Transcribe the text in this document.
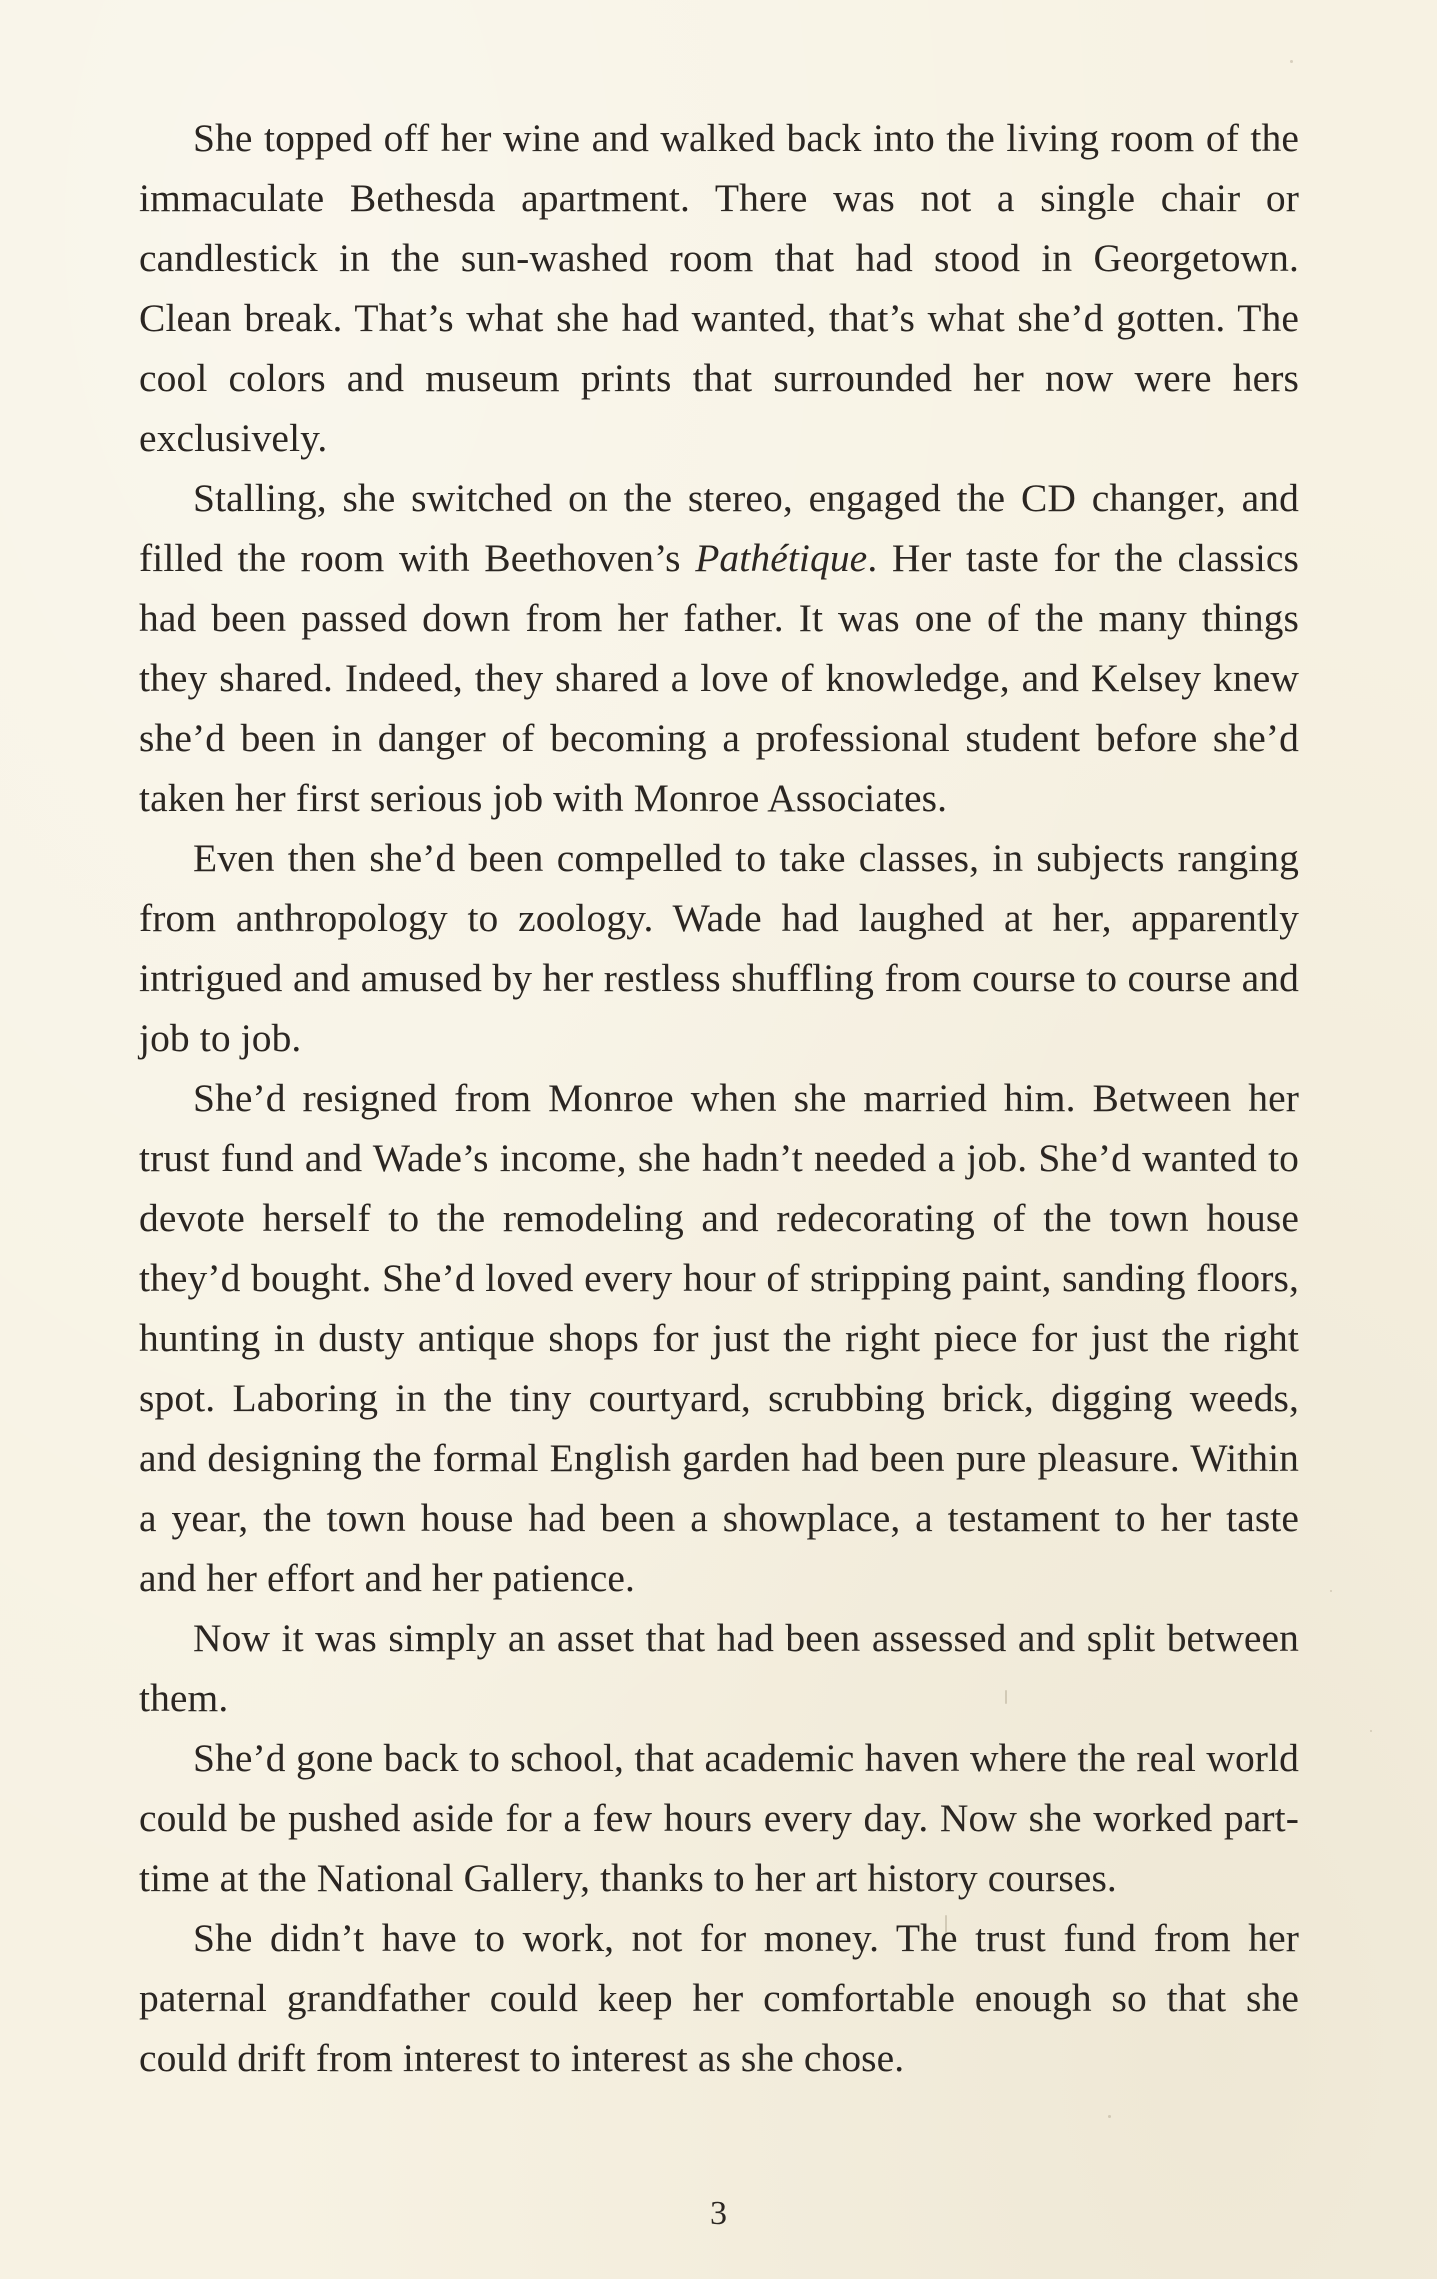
She topped off her wine and walked back into the living room of the immaculate Bethesda apartment. There was not a single chair or candlestick in the sun-washed room that had stood in Georgetown. Clean break. That’s what she had wanted, that’s what she’d gotten. The cool colors and museum prints that surrounded her now were hers exclusively.

Stalling, she switched on the stereo, engaged the CD changer, and filled the room with Beethoven’s Pathétique. Her taste for the classics had been passed down from her father. It was one of the many things they shared. Indeed, they shared a love of knowledge, and Kelsey knew she’d been in danger of becoming a professional student before she’d taken her first serious job with Monroe Associates.

Even then she’d been compelled to take classes, in subjects ranging from anthropology to zoology. Wade had laughed at her, apparently intrigued and amused by her restless shuffling from course to course and job to job.

She’d resigned from Monroe when she married him. Between her trust fund and Wade’s income, she hadn’t needed a job. She’d wanted to devote herself to the remodeling and redecorating of the town house they’d bought. She’d loved every hour of stripping paint, sanding floors, hunting in dusty antique shops for just the right piece for just the right spot. Laboring in the tiny courtyard, scrubbing brick, digging weeds, and designing the formal English garden had been pure pleasure. Within a year, the town house had been a showplace, a testament to her taste and her effort and her patience.

Now it was simply an asset that had been assessed and split between them.

She’d gone back to school, that academic haven where the real world could be pushed aside for a few hours every day. Now she worked part-time at the National Gallery, thanks to her art history courses.

She didn’t have to work, not for money. The trust fund from her paternal grandfather could keep her comfortable enough so that she could drift from interest to interest as she chose.

3
